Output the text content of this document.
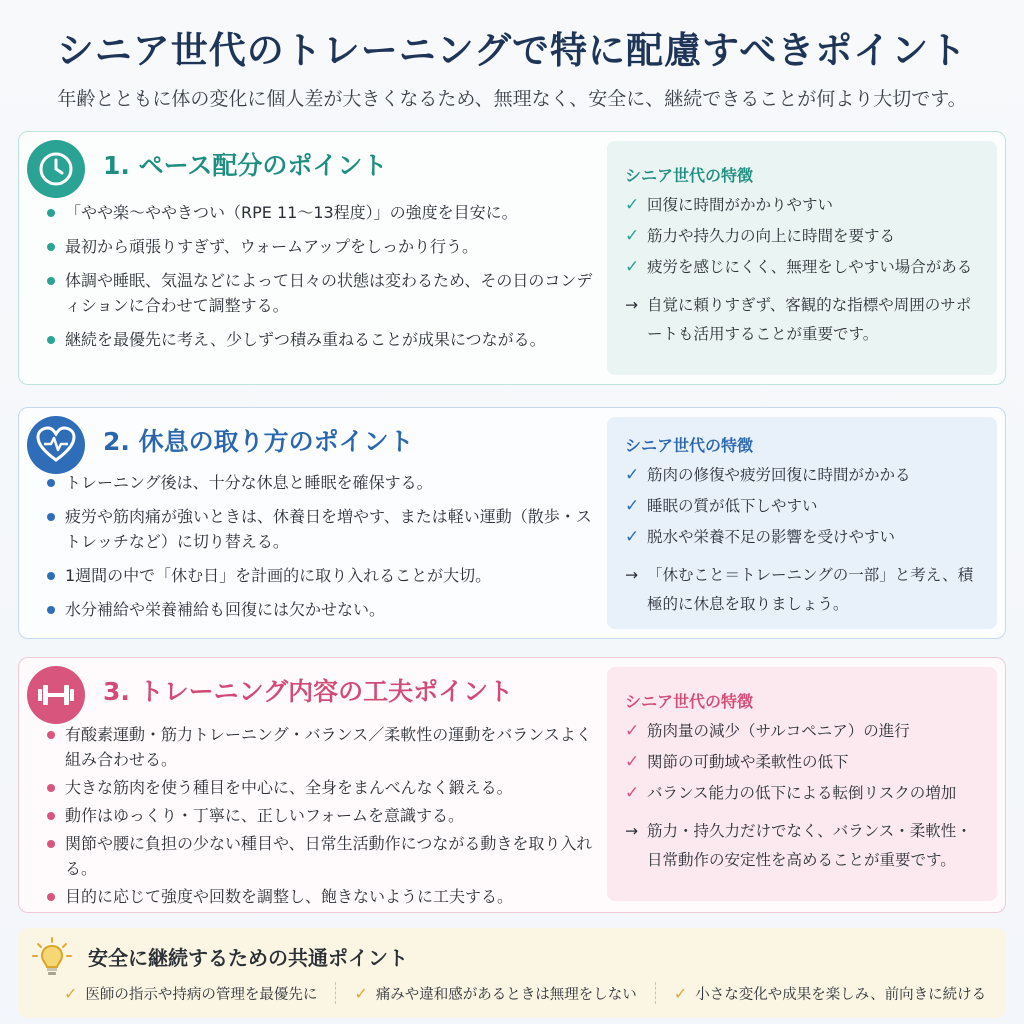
シニア世代のトレーニングで特に配慮すべきポイント
年齢とともに体の変化に個人差が大きくなるため、無理なく、安全に、継続できることが何より大切です。
1. ペース配分のポイント
「やや楽～ややきつい（RPE 11～13程度）」の強度を目安に。
最初から頑張りすぎず、ウォームアップをしっかり行う。
体調や睡眠、気温などによって日々の状態は変わるため、その日のコンディションに合わせて調整する。
継続を最優先に考え、少しずつ積み重ねることが成果につながる。
シニア世代の特徴
✓ 回復に時間がかかりやすい
✓ 筋力や持久力の向上に時間を要する
✓ 疲労を感じにくく、無理をしやすい場合がある
→ 自覚に頼りすぎず、客観的な指標や周囲のサポートも活用することが重要です。
2. 休息の取り方のポイント
トレーニング後は、十分な休息と睡眠を確保する。
疲労や筋肉痛が強いときは、休養日を増やす、または軽い運動（散歩・ストレッチなど）に切り替える。
1週間の中で「休む日」を計画的に取り入れることが大切。
水分補給や栄養補給も回復には欠かせない。
シニア世代の特徴
✓ 筋肉の修復や疲労回復に時間がかかる
✓ 睡眠の質が低下しやすい
✓ 脱水や栄養不足の影響を受けやすい
→ 「休むこと＝トレーニングの一部」と考え、積極的に休息を取りましょう。
3. トレーニング内容の工夫ポイント
有酸素運動・筋力トレーニング・バランス／柔軟性の運動をバランスよく組み合わせる。
大きな筋肉を使う種目を中心に、全身をまんべんなく鍛える。
動作はゆっくり・丁寧に、正しいフォームを意識する。
関節や腰に負担の少ない種目や、日常生活動作につながる動きを取り入れる。
目的に応じて強度や回数を調整し、飽きないように工夫する。
シニア世代の特徴
✓ 筋肉量の減少（サルコペニア）の進行
✓ 関節の可動域や柔軟性の低下
✓ バランス能力の低下による転倒リスクの増加
→ 筋力・持久力だけでなく、バランス・柔軟性・日常動作の安定性を高めることが重要です。
安全に継続するための共通ポイント
✓ 医師の指示や持病の管理を最優先に ✓ 痛みや違和感があるときは無理をしない ✓ 小さな変化や成果を楽しみ、前向きに続ける
